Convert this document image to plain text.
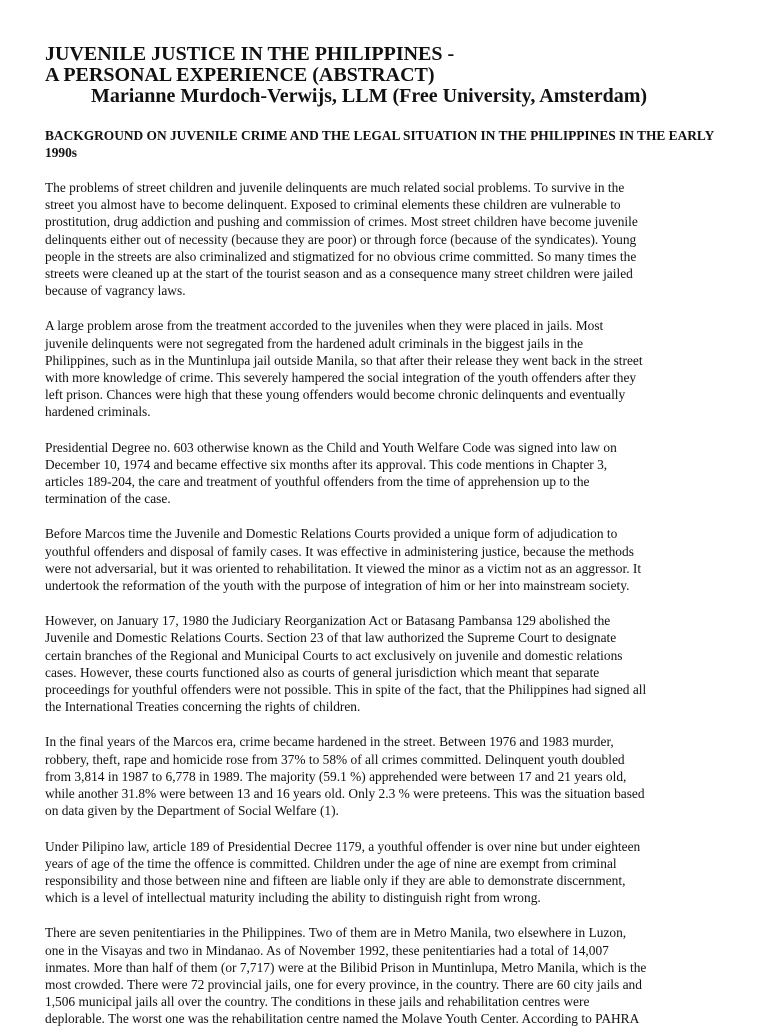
JUVENILE JUSTICE IN THE PHILIPPINES -
A PERSONAL EXPERIENCE (ABSTRACT)
Marianne Murdoch-Verwijs, LLM (Free University, Amsterdam)
BACKGROUND ON JUVENILE CRIME AND THE LEGAL SITUATION IN THE PHILIPPINES IN THE EARLY 1990s

The problems of street children and juvenile delinquents are much related social problems. To survive in the
street you almost have to become delinquent. Exposed to criminal elements these children are vulnerable to
prostitution, drug addiction and pushing and commission of crimes. Most street children have become juvenile
delinquents either out of necessity (because they are poor) or through force (because of the syndicates). Young
people in the streets are also criminalized and stigmatized for no obvious crime committed. So many times the
streets were cleaned up at the start of the tourist season and as a consequence many street children were jailed
because of vagrancy laws.

A large problem arose from the treatment accorded to the juveniles when they were placed in jails. Most
juvenile delinquents were not segregated from the hardened adult criminals in the biggest jails in the
Philippines, such as in the Muntinlupa jail outside Manila, so that after their release they went back in the street
with more knowledge of crime. This severely hampered the social integration of the youth offenders after they
left prison. Chances were high that these young offenders would become chronic delinquents and eventually
hardened criminals.

Presidential Degree no. 603 otherwise known as the Child and Youth Welfare Code was signed into law on
December 10, 1974 and became effective six months after its approval. This code mentions in Chapter 3,
articles 189-204, the care and treatment of youthful offenders from the time of apprehension up to the
termination of the case.

Before Marcos time the Juvenile and Domestic Relations Courts provided a unique form of adjudication to
youthful offenders and disposal of family cases. It was effective in administering justice, because the methods
were not adversarial, but it was oriented to rehabilitation. It viewed the minor as a victim not as an aggressor. It
undertook the reformation of the youth with the purpose of integration of him or her into mainstream society.

However, on January 17, 1980 the Judiciary Reorganization Act or Batasang Pambansa 129 abolished the
Juvenile and Domestic Relations Courts. Section 23 of that law authorized the Supreme Court to designate
certain branches of the Regional and Municipal Courts to act exclusively on juvenile and domestic relations
cases. However, these courts functioned also as courts of general jurisdiction which meant that separate
proceedings for youthful offenders were not possible. This in spite of the fact, that the Philippines had signed all
the International Treaties concerning the rights of children.

In the final years of the Marcos era, crime became hardened in the street. Between 1976 and 1983 murder,
robbery, theft, rape and homicide rose from 37% to 58% of all crimes committed. Delinquent youth doubled
from 3,814 in 1987 to 6,778 in 1989. The majority (59.1 %) apprehended were between 17 and 21 years old,
while another 31.8% were between 13 and 16 years old. Only 2.3 % were preteens. This was the situation based
on data given by the Department of Social Welfare (1).

Under Pilipino law, article 189 of Presidential Decree 1179, a youthful offender is over nine but under eighteen
years of age of the time the offence is committed. Children under the age of nine are exempt from criminal
responsibility and those between nine and fifteen are liable only if they are able to demonstrate discernment,
which is a level of intellectual maturity including the ability to distinguish right from wrong.

There are seven penitentiaries in the Philippines. Two of them are in Metro Manila, two elsewhere in Luzon,
one in the Visayas and two in Mindanao. As of November 1992, these penitentiaries had a total of 14,007
inmates. More than half of them (or 7,717) were at the Bilibid Prison in Muntinlupa, Metro Manila, which is the
most crowded. There were 72 provincial jails, one for every province, in the country. There are 60 city jails and
1,506 municipal jails all over the country. The conditions in these jails and rehabilitation centres were
deplorable. The worst one was the rehabilitation centre named the Molave Youth Center. According to PAHRA
